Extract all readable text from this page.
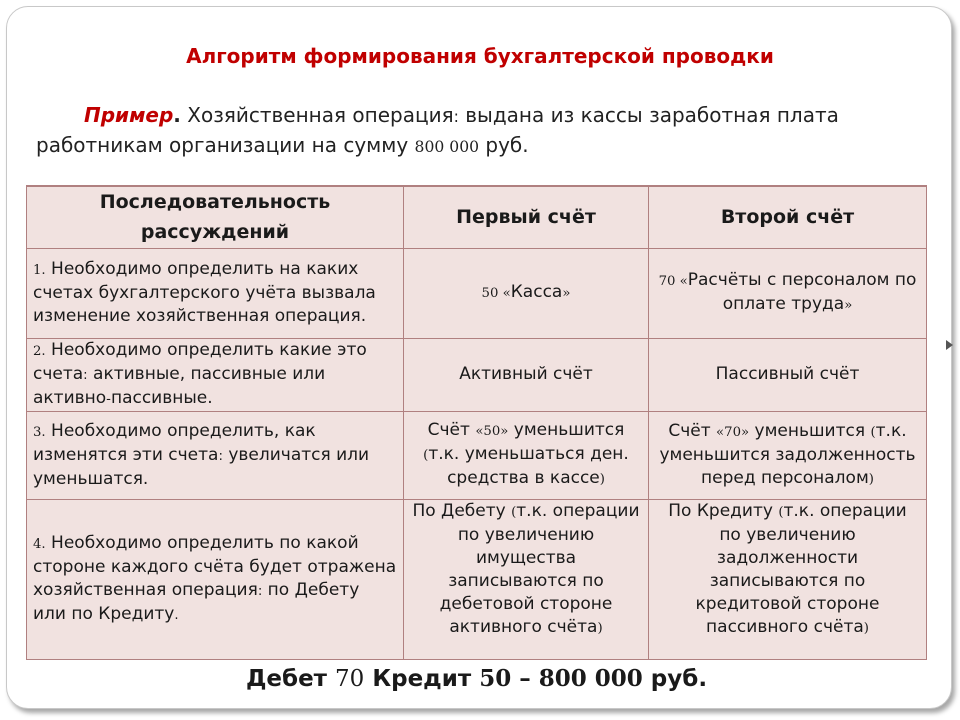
Алгоритм формирования бухгалтерской проводки
Пример. Хозяйственная операция: выдана из кассы заработная плата работникам организации на сумму 800 000 руб.
Последовательность рассуждений	Первый счёт	Второй счёт
1. Необходимо определить на каких счетах бухгалтерского учёта вызвала изменение хозяйственная операция.	50 «Касса»	70 «Расчёты с персоналом по оплате труда»
2. Необходимо определить какие это счета: активные, пассивные или активно-пассивные.	Активный счёт	Пассивный счёт
3. Необходимо определить, как изменятся эти счета: увеличатся или уменьшатся.	Счёт «50» уменьшится (т.к. уменьшаться ден. средства в кассе)	Счёт «70» уменьшится (т.к. уменьшится задолженность перед персоналом)
4. Необходимо определить по какой стороне каждого счёта будет отражена хозяйственная операция: по Дебету или по Кредиту.	По Дебету (т.к. операции по увеличению имущества записываются по дебетовой стороне активного счёта)	По Кредиту (т.к. операции по увеличению задолженности записываются по кредитовой стороне пассивного счёта)
Дебет 70 Кредит 50 – 800 000 руб.		
